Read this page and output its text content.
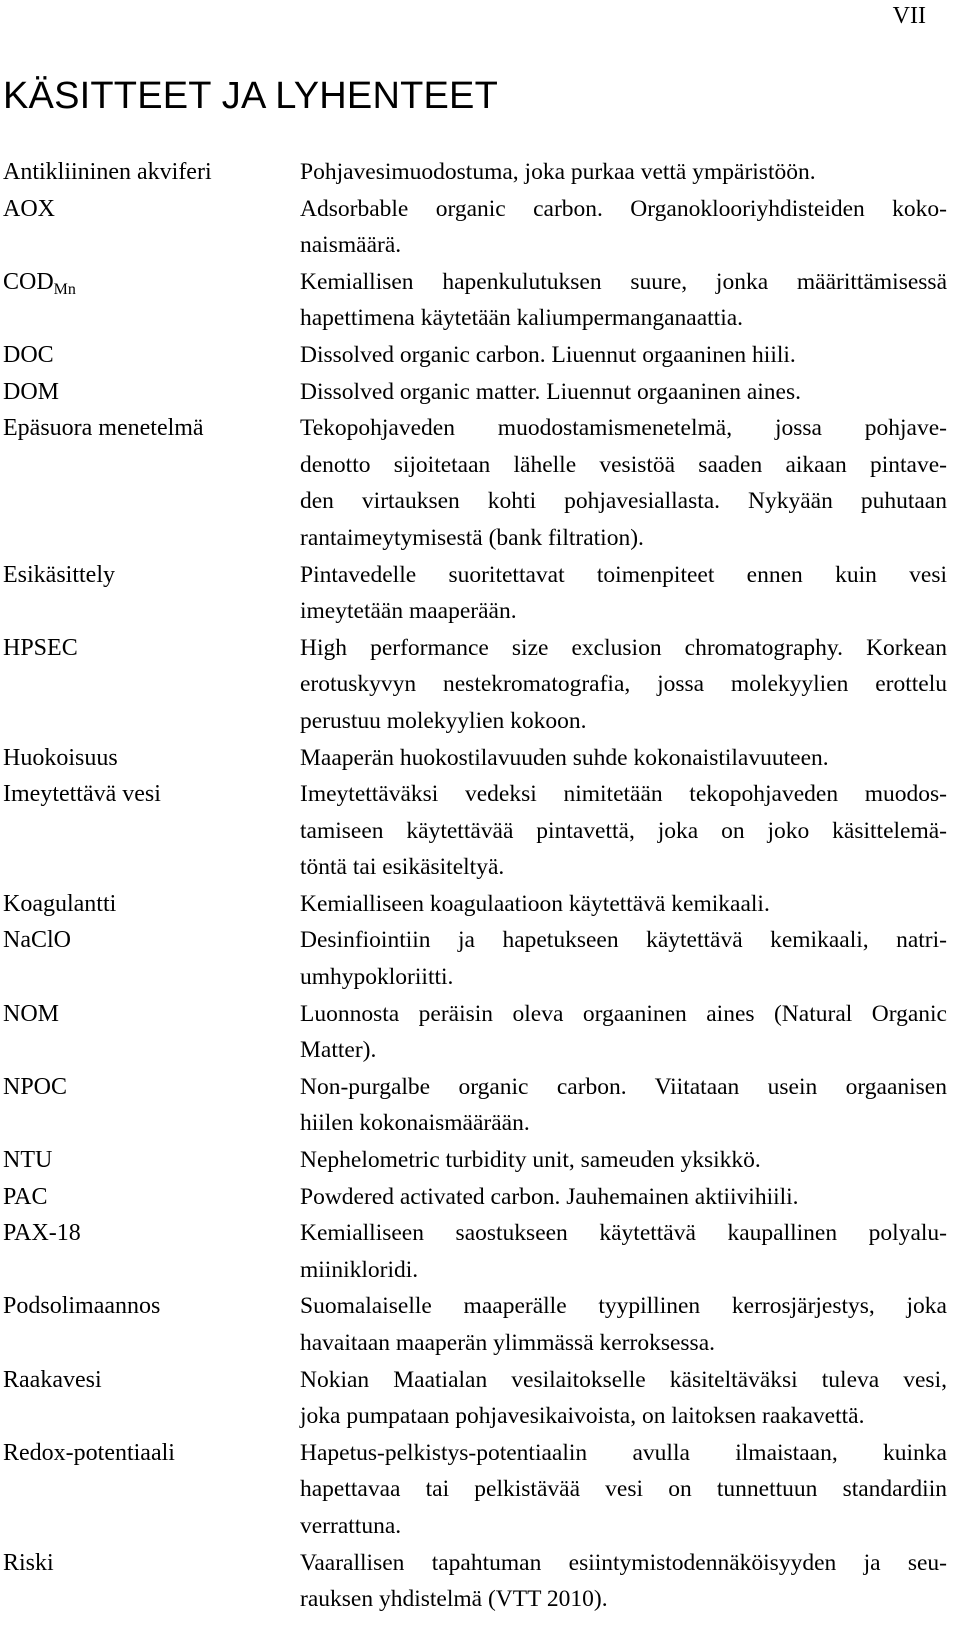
VII
KÄSITTEET JA LYHENTEET
Antikliininen akviferi	Pohjavesimuodostuma, joka purkaa vettä ympäristöön.
AOX	Adsorbable organic carbon. Organoklooriyhdisteiden koko-
naismäärä.
$COD_{Mn}$	Kemiallisen hapenkulutuksen suure, jonka määrittämisessä
hapettimena käytetään kaliumpermanganaattia.
DOC	Dissolved organic carbon. Liuennut orgaaninen hiili.
DOM	Dissolved organic matter. Liuennut orgaaninen aines.
Epäsuora menetelmä	Tekopohjaveden muodostamismenetelmä, jossa pohjave-
denotto sijoitetaan lähelle vesistöä saaden aikaan pintave-
den virtauksen kohti pohjavesiallasta. Nykyään puhutaan
rantaimeytymisestä (bank filtration).
Esikäsittely	Pintavedelle suoritettavat toimenpiteet ennen kuin vesi
imeytetään maaperään.
HPSEC	High performance size exclusion chromatography. Korkean
erotuskyvyn nestekromatografia, jossa molekyylien erottelu
perustuu molekyylien kokoon.
Huokoisuus	Maaperän huokostilavuuden suhde kokonaistilavuuteen.
Imeytettävä vesi	Imeytettäväksi vedeksi nimitetään tekopohjaveden muodos-
tamiseen käytettävää pintavettä, joka on joko käsittelemä-
töntä tai esikäsiteltyä.
Koagulantti	Kemialliseen koagulaatioon käytettävä kemikaali.
NaClO	Desinfiointiin ja hapetukseen käytettävä kemikaali, natri-
umhypokloriitti.
NOM	Luonnosta peräisin oleva orgaaninen aines (Natural Organic
Matter).
NPOC	Non-purgalbe organic carbon. Viitataan usein orgaanisen
hiilen kokonaismäärään.
NTU	Nephelometric turbidity unit, sameuden yksikkö.
PAC	Powdered activated carbon. Jauhemainen aktiivihiili.
PAX-18	Kemialliseen saostukseen käytettävä kaupallinen polyalu-
miinikloridi.
Podsolimaannos	Suomalaiselle maaperälle tyypillinen kerrosjärjestys, joka
havaitaan maaperän ylimmässä kerroksessa.
Raakavesi	Nokian Maatialan vesilaitokselle käsiteltäväksi tuleva vesi,
joka pumpataan pohjavesikaivoista, on laitoksen raakavettä.
Redox-potentiaali	Hapetus-pelkistys-potentiaalin avulla ilmaistaan, kuinka
hapettavaa tai pelkistävää vesi on tunnettuun standardiin
verrattuna.
Riski	Vaarallisen tapahtuman esiintymistodennäköisyyden ja seu-
rauksen yhdistelmä (VTT 2010).
